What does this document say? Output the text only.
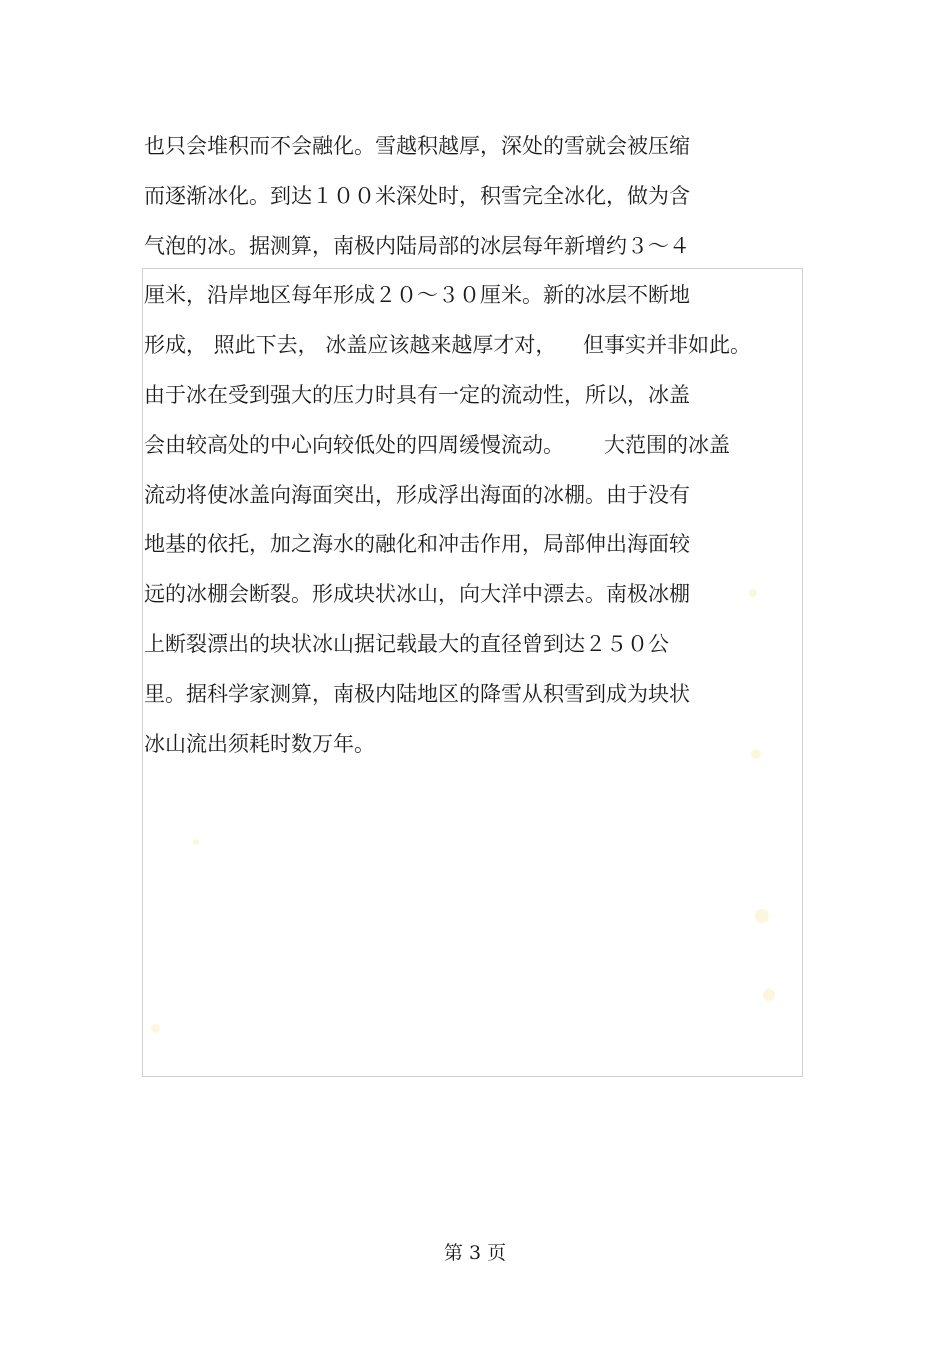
也只会堆积而不会融化。雪越积越厚，深处的雪就会被压缩
而逐渐冰化。到达１００米深处时，积雪完全冰化，做为含
气泡的冰。据测算，南极内陆局部的冰层每年新增约３～４
厘米，沿岸地区每年形成２０～３０厘米。新的冰层不断地
形成， 照此下去， 冰盖应该越来越厚才对，    但事实并非如此。
由于冰在受到强大的压力时具有一定的流动性，所以，冰盖
会由较高处的中心向较低处的四周缓慢流动。      大范围的冰盖
流动将使冰盖向海面突出，形成浮出海面的冰棚。由于没有
地基的依托，加之海水的融化和冲击作用，局部伸出海面较
远的冰棚会断裂。形成块状冰山，向大洋中漂去。南极冰棚
上断裂漂出的块状冰山据记载最大的直径曾到达２５０公
里。据科学家测算，南极内陆地区的降雪从积雪到成为块状
冰山流出须耗时数万年。
第 3 页
